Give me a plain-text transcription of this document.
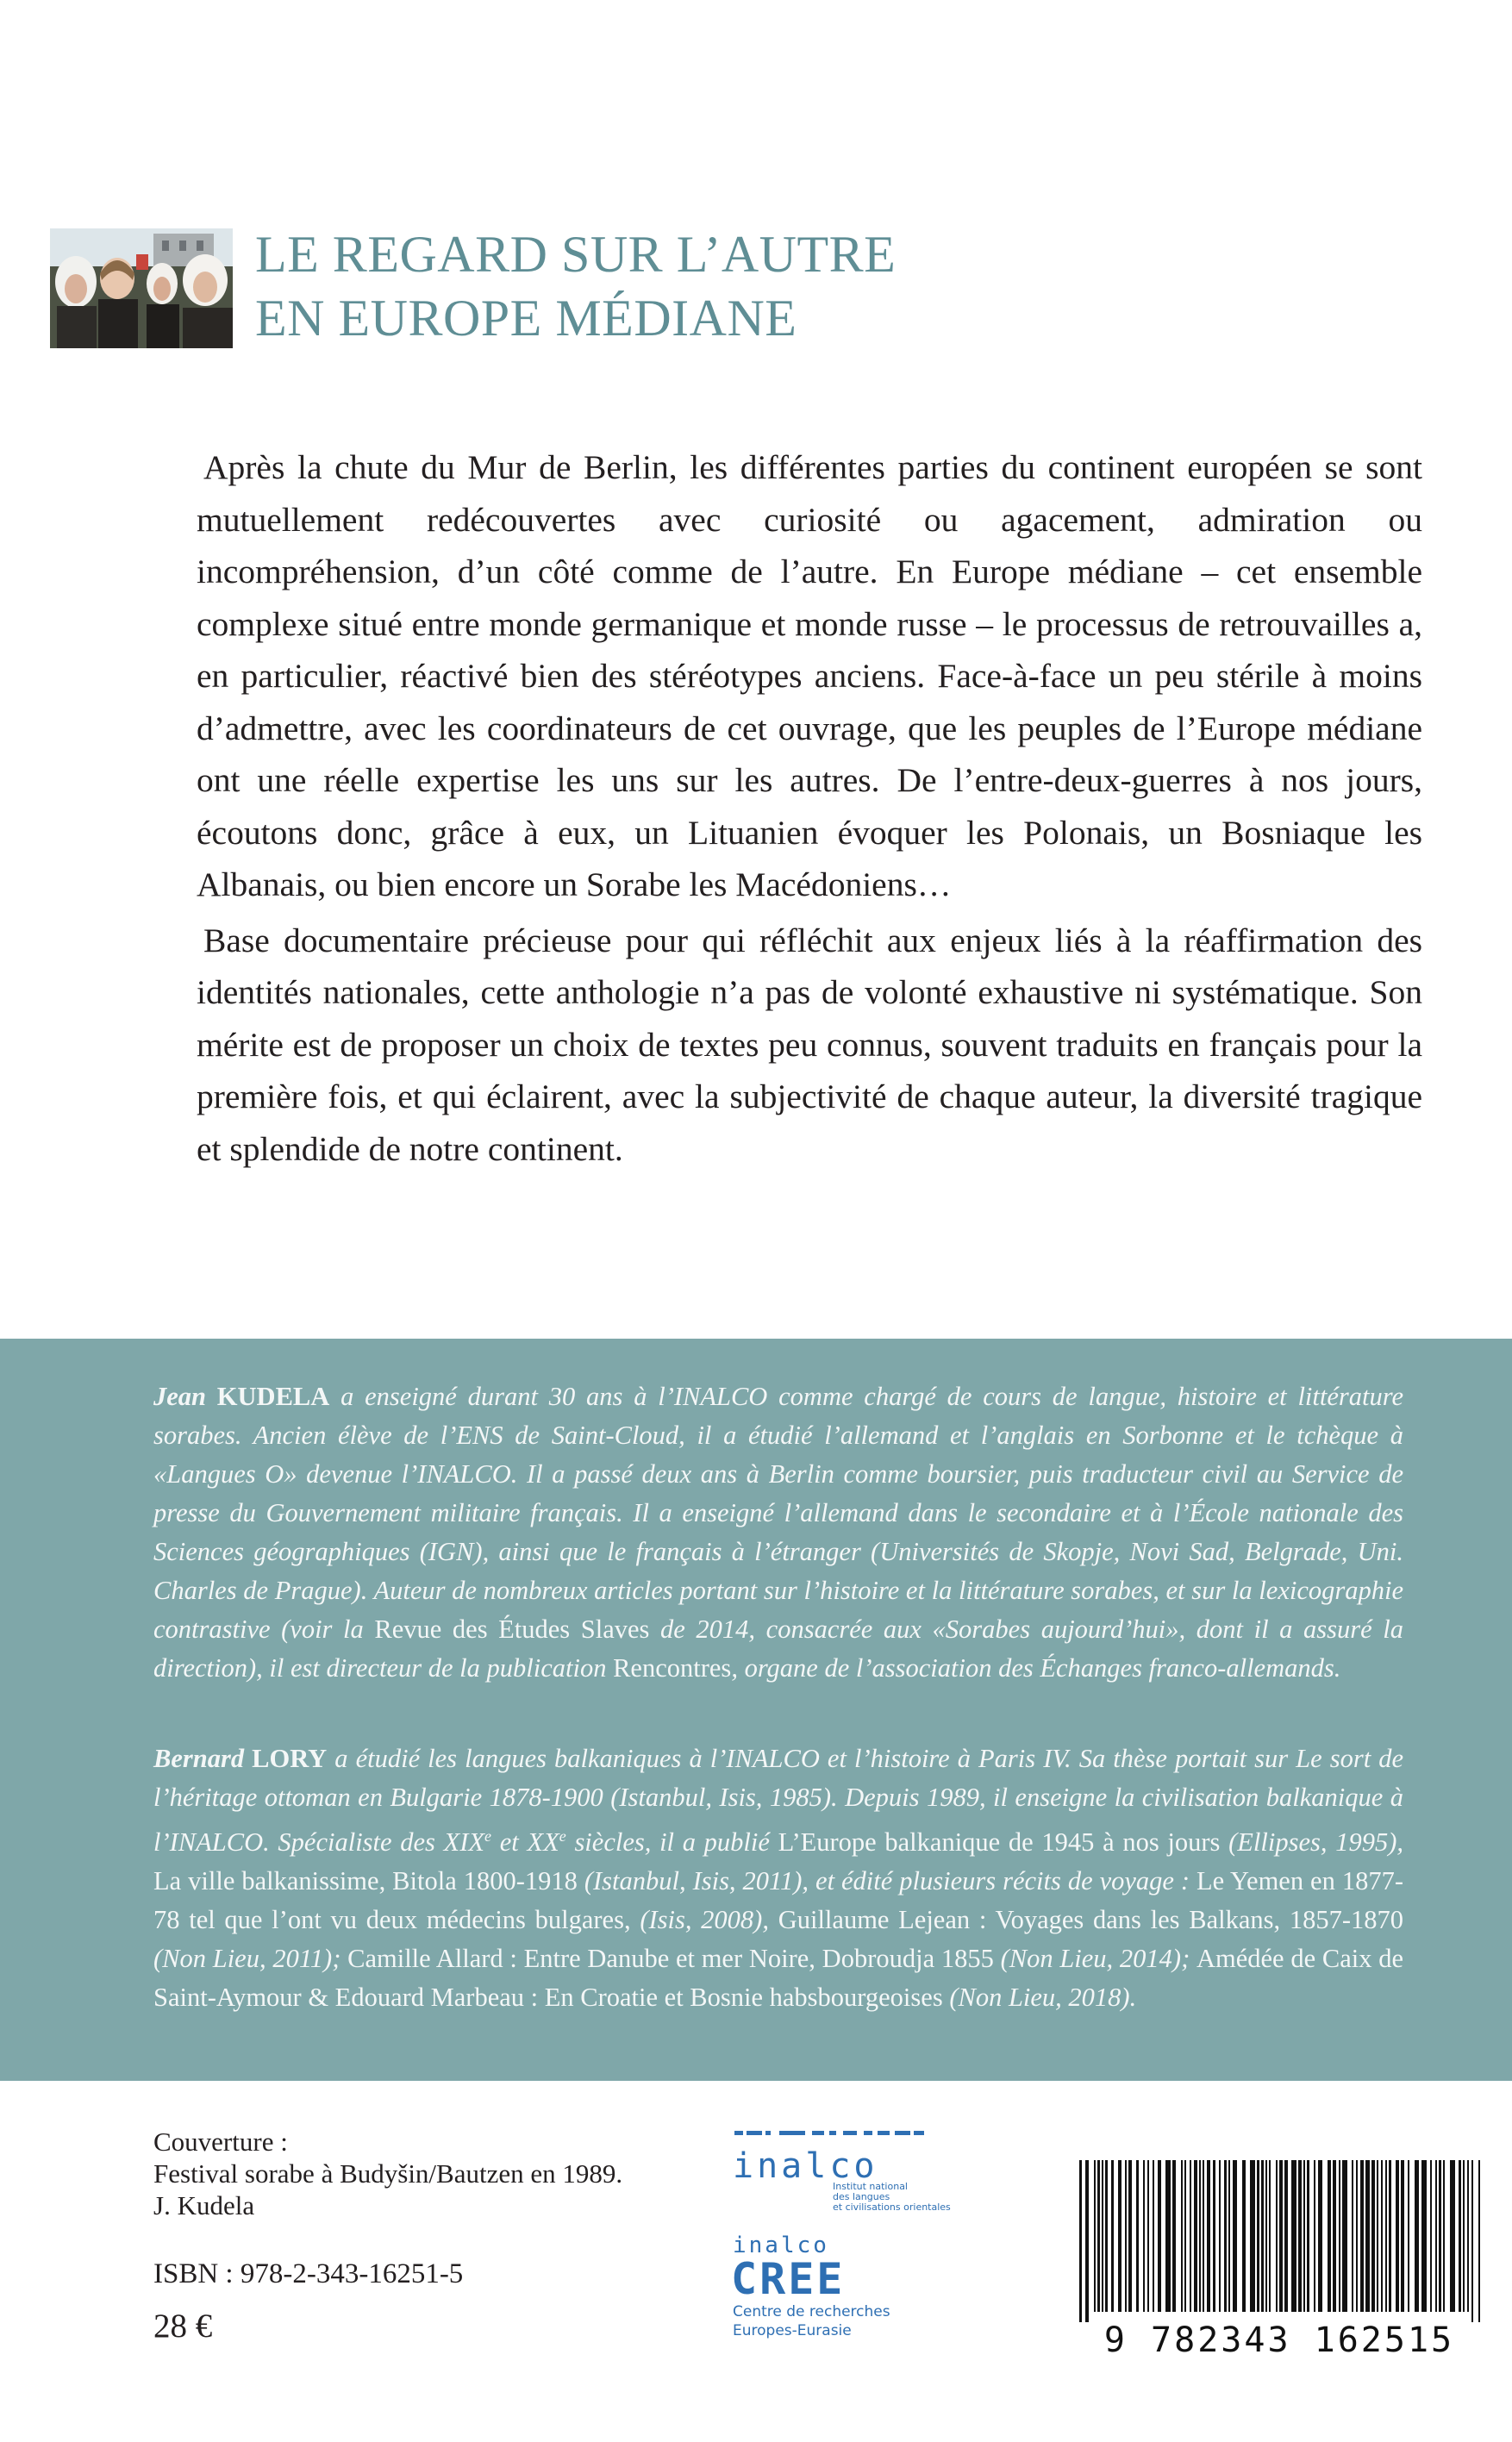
LE REGARD SUR L’AUTRE
EN EUROPE MÉDIANE

Après la chute du Mur de Berlin, les différentes parties du continent européen se sont mutuellement redécouvertes avec curiosité ou agacement, admiration ou incompréhension, d’un côté comme de l’autre. En Europe médiane – cet ensemble complexe situé entre monde germanique et monde russe – le processus de retrouvailles a, en particulier, réactivé bien des stéréotypes anciens. Face-à-face un peu stérile à moins d’admettre, avec les coordinateurs de cet ouvrage, que les peuples de l’Europe médiane ont une réelle expertise les uns sur les autres. De l’entre-deux-guerres à nos jours, écoutons donc, grâce à eux, un Lituanien évoquer les Polonais, un Bosniaque les Albanais, ou bien encore un Sorabe les Macédoniens…

Base documentaire précieuse pour qui réfléchit aux enjeux liés à la réaffirmation des identités nationales, cette anthologie n’a pas de volonté exhaustive ni systématique. Son mérite est de proposer un choix de textes peu connus, souvent traduits en français pour la première fois, et qui éclairent, avec la subjectivité de chaque auteur, la diversité tragique et splendide de notre continent.

Jean KUDELA a enseigné durant 30 ans à l’INALCO comme chargé de cours de langue, histoire et littérature sorabes. Ancien élève de l’ENS de Saint-Cloud, il a étudié l’allemand et l’anglais en Sorbonne et le tchèque à «Langues O» devenue l’INALCO. Il a passé deux ans à Berlin comme boursier, puis traducteur civil au Service de presse du Gouvernement militaire français. Il a enseigné l’allemand dans le secondaire et à l’École nationale des Sciences géographiques (IGN), ainsi que le français à l’étranger (Universités de Skopje, Novi Sad, Belgrade, Uni. Charles de Prague). Auteur de nombreux articles portant sur l’histoire et la littérature sorabes, et sur la lexicographie contrastive (voir la Revue des Études Slaves de 2014, consacrée aux «Sorabes aujourd’hui», dont il a assuré la direction), il est directeur de la publication Rencontres, organe de l’association des Échanges franco-allemands.
Bernard LORY a étudié les langues balkaniques à l’INALCO et l’histoire à Paris IV. Sa thèse portait sur Le sort de l’héritage ottoman en Bulgarie 1878-1900 (Istanbul, Isis, 1985). Depuis 1989, il enseigne la civilisation balkanique à l’INALCO. Spécialiste des XIXe et XXe siècles, il a publié L’Europe balkanique de 1945 à nos jours (Ellipses, 1995), La ville balkanissime, Bitola 1800-1918 (Istanbul, Isis, 2011), et édité plusieurs récits de voyage : Le Yemen en 1877-78 tel que l’ont vu deux médecins bulgares, (Isis, 2008), Guillaume Lejean : Voyages dans les Balkans, 1857-1870 (Non Lieu, 2011); Camille Allard : Entre Danube et mer Noire, Dobroudja 1855 (Non Lieu, 2014); Amédée de Caix de Saint-Aymour & Edouard Marbeau : En Croatie et Bosnie habsbourgeoises (Non Lieu, 2018).
Couverture :
Festival sorabe à Budyšin/Bautzen en 1989.
J. Kudela
ISBN : 978-2-343-16251-5
28 €
inalco
Institut national
des langues
et civilisations orientales
inalco
CREE
Centre de recherches
Europes-Eurasie	9 782343 162515
